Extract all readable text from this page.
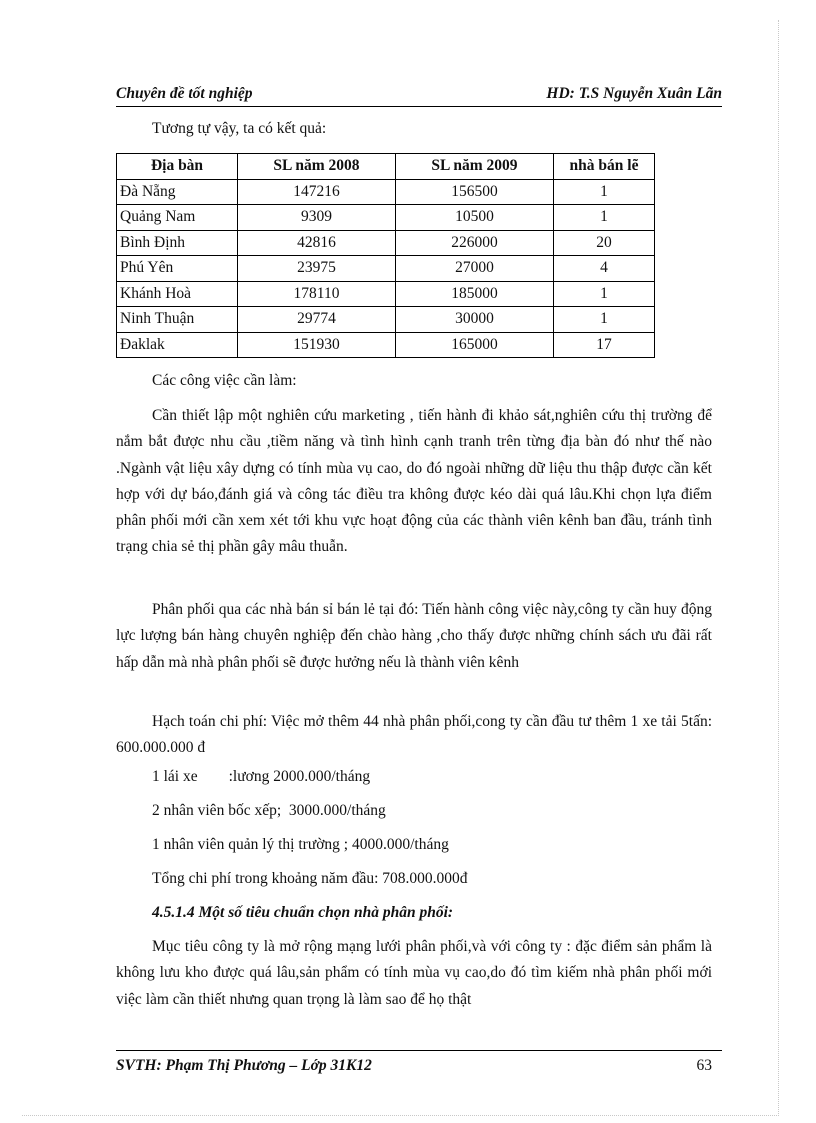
Chuyên đề tốt nghiệp	HD: T.S Nguyễn Xuân Lãn
Tương tự vậy, ta có kết quả:
Địa bàn	SL năm 2008	SL năm 2009	nhà bán lẽ
Đà Nẵng	147216	156500	1
Quảng Nam	9309	10500	1
Bình Định	42816	226000	20
Phú Yên	23975	27000	4
Khánh Hoà	178110	185000	1
Ninh Thuận	29774	30000	1
Đaklak	151930	165000	17
Các công việc cần làm:

Cần thiết lập một nghiên cứu marketing , tiến hành đi khảo sát,nghiên cứu thị trường để nắm bắt được nhu cầu ,tiềm năng và tình hình cạnh tranh trên từng địa bàn đó như thế nào .Ngành vật liệu xây dựng có tính mùa vụ cao, do đó ngoài những dữ liệu thu thập được cần kết hợp với dự báo,đánh giá và công tác điều tra không được kéo dài quá lâu.Khi chọn lựa điểm phân phối mới cần xem xét tới khu vực hoạt động của các thành viên kênh ban đầu, tránh tình trạng chia sẻ thị phần gây mâu thuẫn.

Phân phối qua các nhà bán sỉ bán lẻ tại đó: Tiến hành công việc này,công ty cần huy động lực lượng bán hàng chuyên nghiệp đến chào hàng ,cho thấy được những chính sách ưu đãi rất hấp dẫn mà nhà phân phối sẽ được hưởng nếu là thành viên kênh

Hạch toán chi phí: Việc mở thêm 44 nhà phân phối,cong ty cần đầu tư thêm 1 xe tải 5tấn: 600.000.000 đ

1 lái xe        :lương 2000.000/tháng
2 nhân viên bốc xếp;  3000.000/tháng
1 nhân viên quản lý thị trường ; 4000.000/tháng
Tổng chi phí trong khoảng năm đầu: 708.000.000đ
4.5.1.4 Một số tiêu chuẩn chọn nhà phân phối:

Mục tiêu công ty là mở rộng mạng lưới phân phối,và với công ty : đặc điểm sản phẩm là không lưu kho được quá lâu,sản phẩm có tính mùa vụ cao,do đó tìm kiếm nhà phân phối mới việc làm cần thiết nhưng quan trọng là làm sao để họ thật

SVTH: Phạm Thị Phương – Lớp 31K12	63
